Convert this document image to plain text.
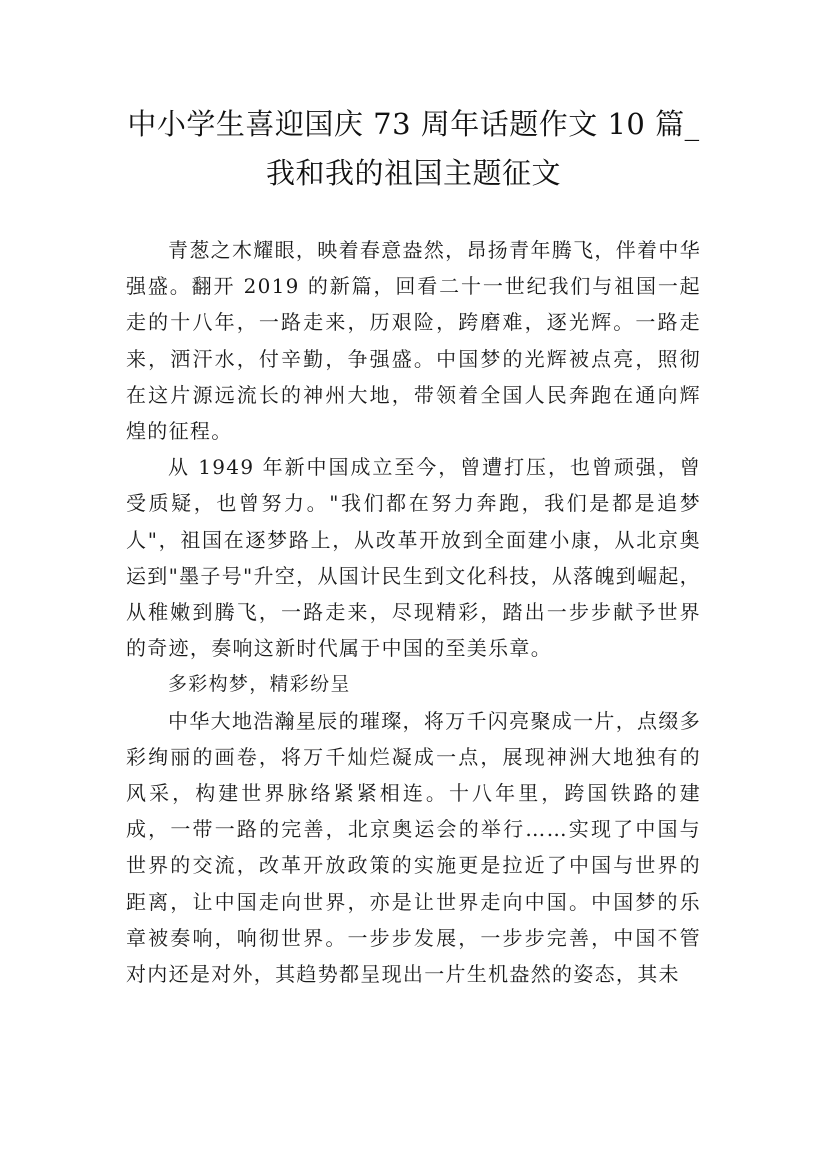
中小学生喜迎国庆 73 周年话题作文 10 篇_
我和我的祖国主题征文

青葱之木耀眼，映着春意盎然，昂扬青年腾飞，伴着中华强盛。翻开 2019 的新篇，回看二十一世纪我们与祖国一起走的十八年，一路走来，历艰险，跨磨难，逐光辉。一路走来，洒汗水，付辛勤，争强盛。中国梦的光辉被点亮，照彻在这片源远流长的神州大地，带领着全国人民奔跑在通向辉煌的征程。

从 1949 年新中国成立至今，曾遭打压，也曾顽强，曾受质疑，也曾努力。"我们都在努力奔跑，我们是都是追梦人"，祖国在逐梦路上，从改革开放到全面建小康，从北京奥运到"墨子号"升空，从国计民生到文化科技，从落魄到崛起，从稚嫩到腾飞，一路走来，尽现精彩，踏出一步步献予世界的奇迹，奏响这新时代属于中国的至美乐章。

多彩构梦，精彩纷呈

中华大地浩瀚星辰的璀璨，将万千闪亮聚成一片，点缀多彩绚丽的画卷，将万千灿烂凝成一点，展现神洲大地独有的风采，构建世界脉络紧紧相连。十八年里，跨国铁路的建成，一带一路的完善，北京奥运会的举行……实现了中国与世界的交流，改革开放政策的实施更是拉近了中国与世界的距离，让中国走向世界，亦是让世界走向中国。中国梦的乐章被奏响，响彻世界。一步步发展，一步步完善，中国不管对内还是对外，其趋势都呈现出一片生机盎然的姿态，其未
